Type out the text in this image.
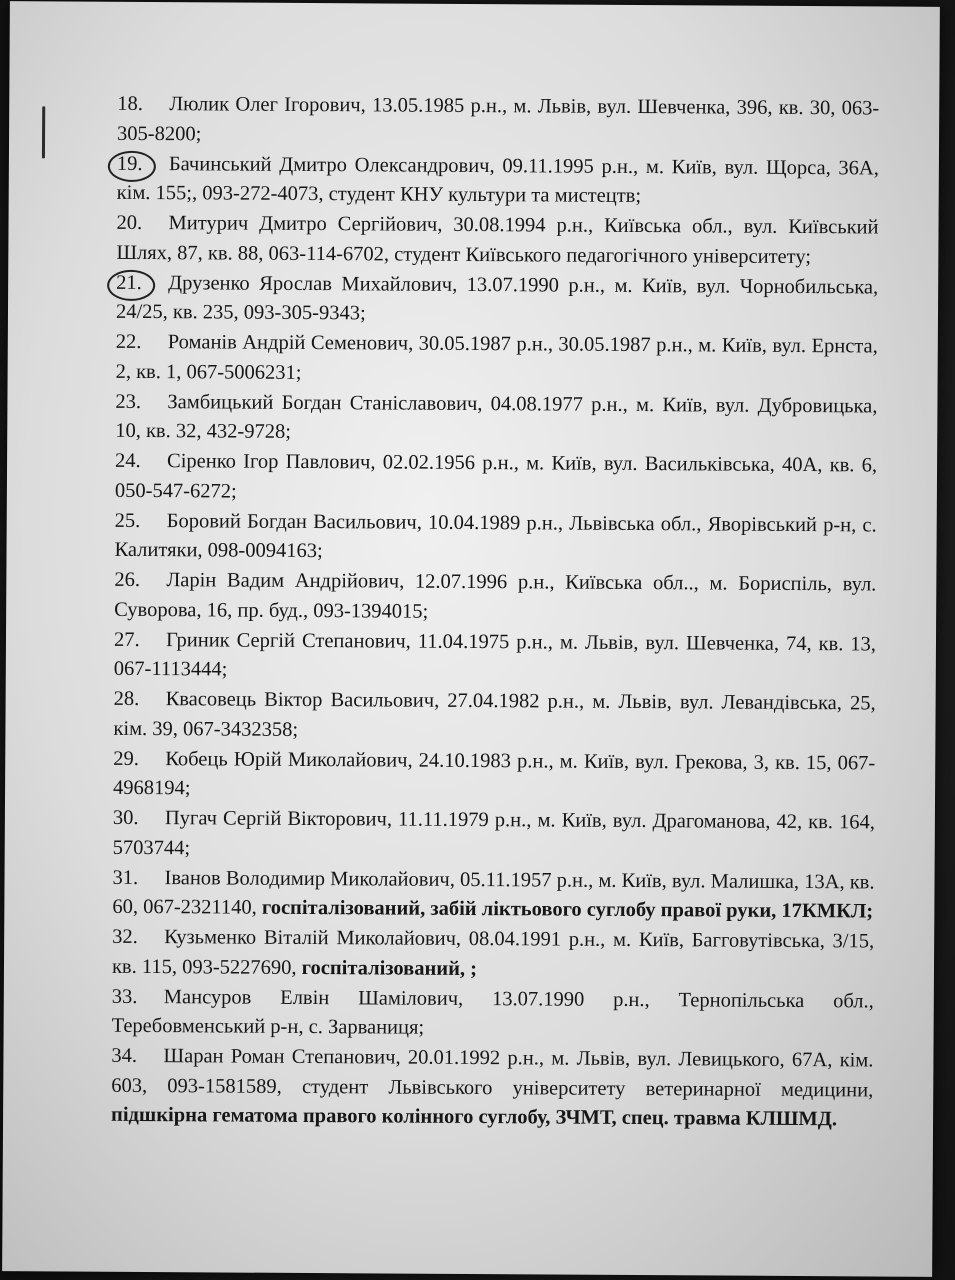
18. Люлик Олег Ігорович, 13.05.1985 р.н., м. Львів, вул. Шевченка, 396, кв. 30, 063-305-8200;

19. Бачинський Дмитро Олександрович, 09.11.1995 р.н., м. Київ, вул. Щорса, 36А, кім. 155;, 093-272-4073, студент КНУ культури та мистецтв;

20. Митурич Дмитро Сергійович, 30.08.1994 р.н., Київська обл., вул. Київський Шлях, 87, кв. 88, 063-114-6702, студент Київського педагогічного університету;

21. Друзенко Ярослав Михайлович, 13.07.1990 р.н., м. Київ, вул. Чорнобильська, 24/25, кв. 235, 093-305-9343;

22. Романів Андрій Семенович, 30.05.1987 р.н., 30.05.1987 р.н., м. Київ, вул. Ернста, 2, кв. 1, 067-5006231;

23. Замбицький Богдан Станіславович, 04.08.1977 р.н., м. Київ, вул. Дубровицька, 10, кв. 32, 432-9728;

24. Сіренко Ігор Павлович, 02.02.1956 р.н., м. Київ, вул. Васильківська, 40А, кв. 6, 050-547-6272;

25. Боровий Богдан Васильович, 10.04.1989 р.н., Львівська обл., Яворівський р-н, с. Калитяки, 098-0094163;

26. Ларін Вадим Андрійович, 12.07.1996 р.н., Київська обл.., м. Бориспіль, вул. Суворова, 16, пр. буд., 093-1394015;

27. Гриник Сергій Степанович, 11.04.1975 р.н., м. Львів, вул. Шевченка, 74, кв. 13, 067-1113444;

28. Квасовець Віктор Васильович, 27.04.1982 р.н., м. Львів, вул. Левандівська, 25, кім. 39, 067-3432358;

29. Кобець Юрій Миколайович, 24.10.1983 р.н., м. Київ, вул. Грекова, 3, кв. 15, 067-4968194;

30. Пугач Сергій Вікторович, 11.11.1979 р.н., м. Київ, вул. Драгоманова, 42, кв. 164, 5703744;

31. Іванов Володимир Миколайович, 05.11.1957 р.н., м. Київ, вул. Малишка, 13А, кв. 60, 067-2321140, госпіталізований, забій ліктьового суглобу правої руки, 17КМКЛ;

32. Кузьменко Віталій Миколайович, 08.04.1991 р.н., м. Київ, Багговутівська, 3/15, кв. 115, 093-5227690, госпіталізований, ;

33. Мансуров Елвін Шамілович, 13.07.1990 р.н., Тернопільська обл., Теребовменський р-н, с. Зарваниця;

34. Шаран Роман Степанович, 20.01.1992 р.н., м. Львів, вул. Левицького, 67А, кім. 603, 093-1581589, студент Львівського університету ветеринарної медицини, підшкірна гематома правого колінного суглобу, ЗЧМТ, спец. травма КЛШМД.
